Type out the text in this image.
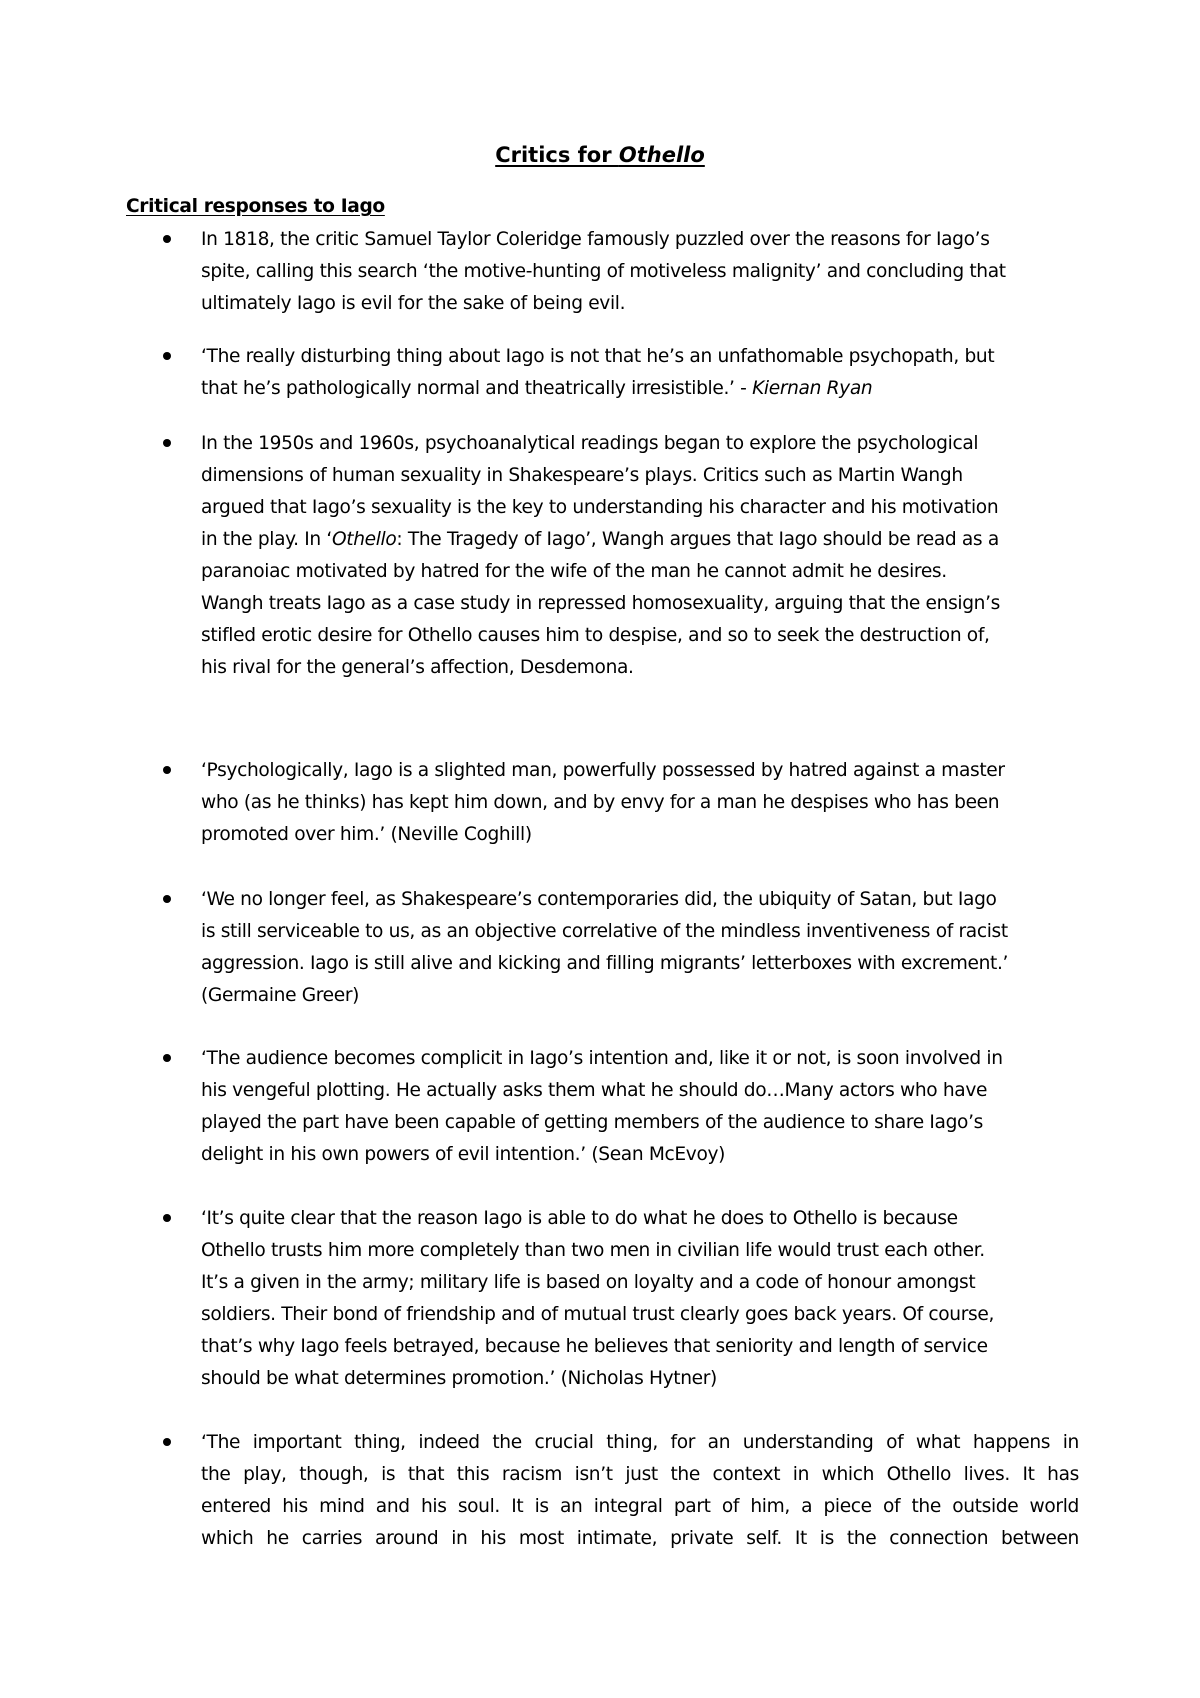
Critics for Othello
Critical responses to Iago
In 1818, the critic Samuel Taylor Coleridge famously puzzled over the reasons for Iago’s
spite, calling this search ‘the motive-hunting of motiveless malignity’ and concluding that
ultimately Iago is evil for the sake of being evil.
‘The really disturbing thing about Iago is not that he’s an unfathomable psychopath, but
that he’s pathologically normal and theatrically irresistible.’ - Kiernan Ryan
In the 1950s and 1960s, psychoanalytical readings began to explore the psychological
dimensions of human sexuality in Shakespeare’s plays. Critics such as Martin Wangh
argued that Iago’s sexuality is the key to understanding his character and his motivation
in the play. In ‘Othello: The Tragedy of Iago’, Wangh argues that Iago should be read as a
paranoiac motivated by hatred for the wife of the man he cannot admit he desires.
Wangh treats Iago as a case study in repressed homosexuality, arguing that the ensign’s
stifled erotic desire for Othello causes him to despise, and so to seek the destruction of,
his rival for the general’s affection, Desdemona.
‘Psychologically, Iago is a slighted man, powerfully possessed by hatred against a master
who (as he thinks) has kept him down, and by envy for a man he despises who has been
promoted over him.’ (Neville Coghill)
‘We no longer feel, as Shakespeare’s contemporaries did, the ubiquity of Satan, but Iago
is still serviceable to us, as an objective correlative of the mindless inventiveness of racist
aggression. Iago is still alive and kicking and filling migrants’ letterboxes with excrement.’
(Germaine Greer)
‘The audience becomes complicit in Iago’s intention and, like it or not, is soon involved in
his vengeful plotting. He actually asks them what he should do…Many actors who have
played the part have been capable of getting members of the audience to share Iago’s
delight in his own powers of evil intention.’ (Sean McEvoy)
‘It’s quite clear that the reason Iago is able to do what he does to Othello is because
Othello trusts him more completely than two men in civilian life would trust each other.
It’s a given in the army; military life is based on loyalty and a code of honour amongst
soldiers. Their bond of friendship and of mutual trust clearly goes back years. Of course,
that’s why Iago feels betrayed, because he believes that seniority and length of service
should be what determines promotion.’ (Nicholas Hytner)
‘The important thing, indeed the crucial thing, for an understanding of what happens in
the play, though, is that this racism isn’t just the context in which Othello lives. It has
entered his mind and his soul. It is an integral part of him, a piece of the outside world
which he carries around in his most intimate, private self. It is the connection between
